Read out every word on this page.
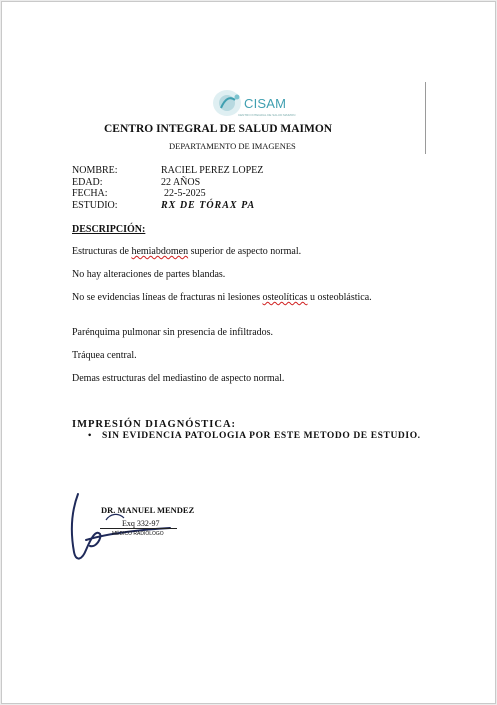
CISAM
CENTRO INTEGRAL DE SALUD MAIMON
CENTRO INTEGRAL DE SALUD MAIMON
DEPARTAMENTO DE IMAGENES
NOMBRE:	RACIEL PEREZ LOPEZ
EDAD:	22 AÑOS
FECHA:	22-5-2025
ESTUDIO:	RX DE TÓRAX PA
DESCRIPCIÓN:
Estructuras de hemiabdomen superior de aspecto normal.
No hay alteraciones de partes blandas.
No se evidencias líneas de fracturas ni lesiones osteolíticas u osteoblástica.
Parénquima pulmonar sin presencia de infiltrados.
Tráquea central.
Demas estructuras del mediastino de aspecto normal.
IMPRESIÓN DIAGNÓSTICA:
• SIN EVIDENCIA PATOLOGIA POR ESTE METODO DE ESTUDIO.
DR. MANUEL MENDEZ
Exq 332-97
MÉDICO RADIÓLOGO
